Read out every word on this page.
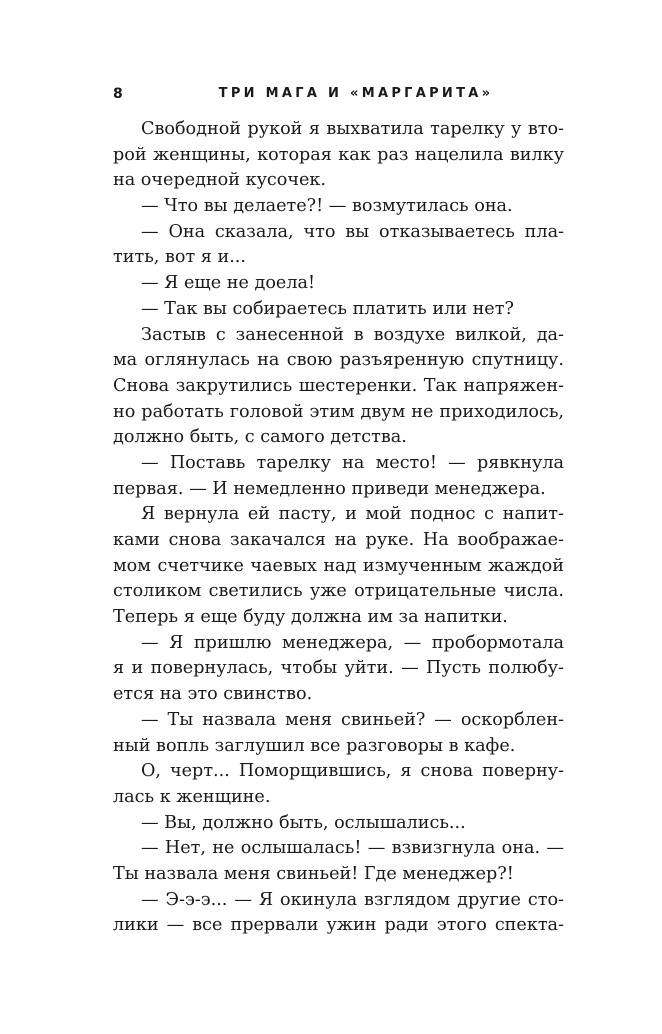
8	ТРИ МАГА И «МАРГАРИТА»
Свободной рукой я выхватила тарелку у вто-
рой женщины, которая как раз нацелила вилку
на очередной кусочек.
— Что вы делаете?! — возмутилась она.
— Она сказала, что вы отказываетесь пла-
тить, вот я и...
— Я еще не доела!
— Так вы собираетесь платить или нет?
Застыв с занесенной в воздухе вилкой, да-
ма оглянулась на свою разъяренную спутницу.
Снова закрутились шестеренки. Так напряжен-
но работать головой этим двум не приходилось,
должно быть, с самого детства.
— Поставь тарелку на место! — рявкнула
первая. — И немедленно приведи менеджера.
Я вернула ей пасту, и мой поднос с напит-
ками снова закачался на руке. На воображае-
мом счетчике чаевых над измученным жаждой
столиком светились уже отрицательные числа.
Теперь я еще буду должна им за напитки.
— Я пришлю менеджера, — пробормотала
я и повернулась, чтобы уйти. — Пусть полюбу-
ется на это свинство.
— Ты назвала меня свиньей? — оскорблен-
ный вопль заглушил все разговоры в кафе.
О, черт... Поморщившись, я снова поверну-
лась к женщине.
— Вы, должно быть, ослышались...
— Нет, не ослышалась! — взвизгнула она. —
Ты назвала меня свиньей! Где менеджер?!
— Э-э-э... — Я окинула взглядом другие сто-
лики — все прервали ужин ради этого спекта-
